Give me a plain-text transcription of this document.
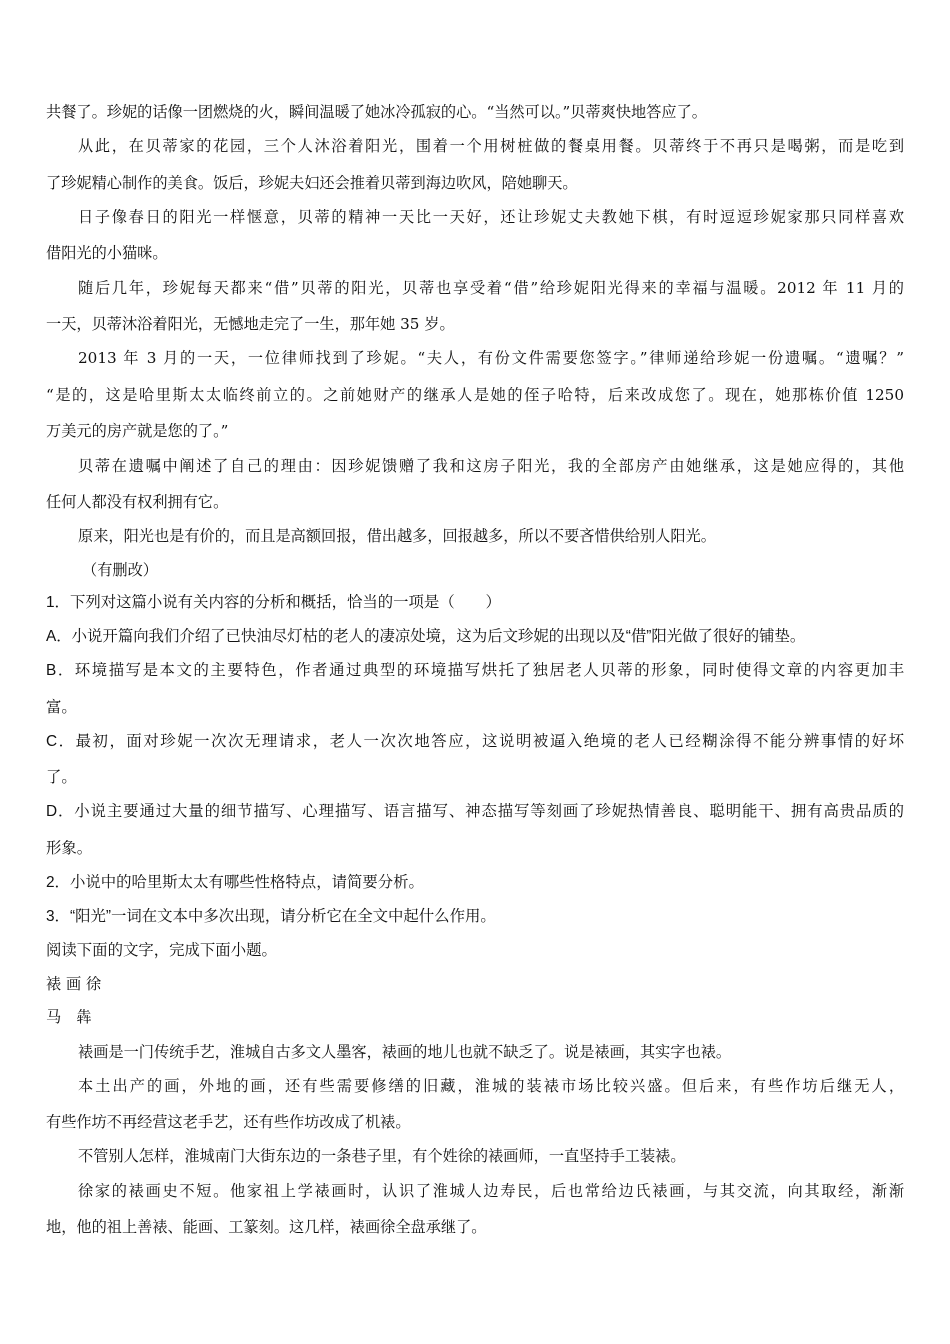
共餐了。珍妮的话像一团燃烧的火，瞬间温暖了她冰冷孤寂的心。“当然可以。”贝蒂爽快地答应了。
从此，在贝蒂家的花园，三个人沐浴着阳光，围着一个用树桩做的餐桌用餐。贝蒂终于不再只是喝粥，而是吃到
了珍妮精心制作的美食。饭后，珍妮夫妇还会推着贝蒂到海边吹风，陪她聊天。
日子像春日的阳光一样惬意，贝蒂的精神一天比一天好，还让珍妮丈夫教她下棋，有时逗逗珍妮家那只同样喜欢
借阳光的小猫咪。
随后几年，珍妮每天都来“借”贝蒂的阳光，贝蒂也享受着“借”给珍妮阳光得来的幸福与温暖。2012 年 11 月的
一天，贝蒂沐浴着阳光，无憾地走完了一生，那年她 35 岁。
2013 年 3 月的一天，一位律师找到了珍妮。“夫人，有份文件需要您签字。”律师递给珍妮一份遗嘱。“遗嘱？”
“是的，这是哈里斯太太临终前立的。之前她财产的继承人是她的侄子哈特，后来改成您了。现在，她那栋价值 1250
万美元的房产就是您的了。”
贝蒂在遗嘱中阐述了自己的理由：因珍妮馈赠了我和这房子阳光，我的全部房产由她继承，这是她应得的，其他
任何人都没有权利拥有它。
原来，阳光也是有价的，而且是高额回报，借出越多，回报越多，所以不要吝惜供给别人阳光。
（有删改）
1．下列对这篇小说有关内容的分析和概括，恰当的一项是（　　）
A．小说开篇向我们介绍了已快油尽灯枯的老人的凄凉处境，这为后文珍妮的出现以及“借”阳光做了很好的铺垫。
B．环境描写是本文的主要特色，作者通过典型的环境描写烘托了独居老人贝蒂的形象，同时使得文章的内容更加丰
富。
C．最初，面对珍妮一次次无理请求，老人一次次地答应，这说明被逼入绝境的老人已经糊涂得不能分辨事情的好坏
了。
D．小说主要通过大量的细节描写、心理描写、语言描写、神态描写等刻画了珍妮热情善良、聪明能干、拥有高贵品质的
形象。
2．小说中的哈里斯太太有哪些性格特点，请简要分析。
3．“阳光”一词在文本中多次出现，请分析它在全文中起什么作用。
阅读下面的文字，完成下面小题。
裱 画 徐
马　犇
裱画是一门传统手艺，淮城自古多文人墨客，裱画的地儿也就不缺乏了。说是裱画，其实字也裱。
本土出产的画，外地的画，还有些需要修缮的旧藏，淮城的装裱市场比较兴盛。但后来，有些作坊后继无人，
有些作坊不再经营这老手艺，还有些作坊改成了机裱。
不管别人怎样，淮城南门大街东边的一条巷子里，有个姓徐的裱画师，一直坚持手工装裱。
徐家的裱画史不短。他家祖上学裱画时，认识了淮城人边寿民，后也常给边氏裱画，与其交流，向其取经，渐渐
地，他的祖上善裱、能画、工篆刻。这几样，裱画徐全盘承继了。
